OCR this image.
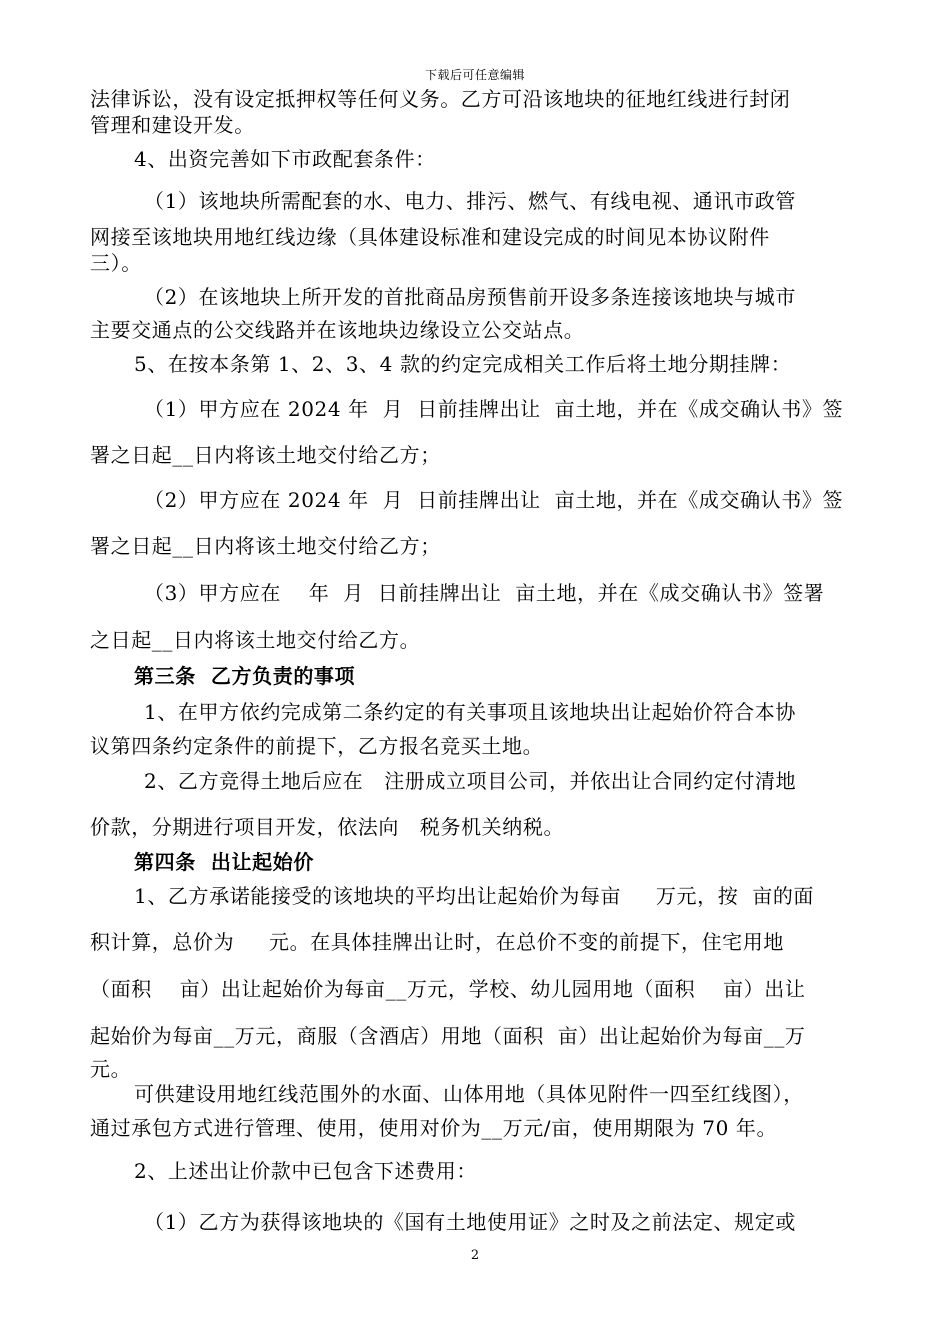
下载后可任意编辑
法律诉讼，没有设定抵押权等任何义务。乙方可沿该地块的征地红线进行封闭
管理和建设开发。
4、出资完善如下市政配套条件：
（1）该地块所需配套的水、电力、排污、燃气、有线电视、通讯市政管
网接至该地块用地红线边缘（具体建设标准和建设完成的时间见本协议附件
三）。
（2）在该地块上所开发的首批商品房预售前开设多条连接该地块与城市
主要交通点的公交线路并在该地块边缘设立公交站点。
5、在按本条第 1、2、3、4 款的约定完成相关工作后将土地分期挂牌：
（1）甲方应在 2024 年  月  日前挂牌出让  亩土地，并在《成交确认书》签
署之日起__日内将该土地交付给乙方；
（2）甲方应在 2024 年  月  日前挂牌出让  亩土地，并在《成交确认书》签
署之日起__日内将该土地交付给乙方；
（3）甲方应在    年  月  日前挂牌出让  亩土地，并在《成交确认书》签署
之日起__日内将该土地交付给乙方。
第三条  乙方负责的事项
1、在甲方依约完成第二条约定的有关事项且该地块出让起始价符合本协
议第四条约定条件的前提下，乙方报名竞买土地。
2、乙方竞得土地后应在   注册成立项目公司，并依出让合同约定付清地
价款，分期进行项目开发，依法向   税务机关纳税。
第四条  出让起始价
1、乙方承诺能接受的该地块的平均出让起始价为每亩     万元，按  亩的面
积计算，总价为     元。在具体挂牌出让时，在总价不变的前提下，住宅用地
（面积    亩）出让起始价为每亩__万元，学校、幼儿园用地（面积    亩）出让
起始价为每亩__万元，商服（含酒店）用地（面积  亩）出让起始价为每亩__万
元。
可供建设用地红线范围外的水面、山体用地（具体见附件一四至红线图），
通过承包方式进行管理、使用，使用对价为__万元/亩，使用期限为 70 年。
2、上述出让价款中已包含下述费用：
（1）乙方为获得该地块的《国有土地使用证》之时及之前法定、规定或
2
